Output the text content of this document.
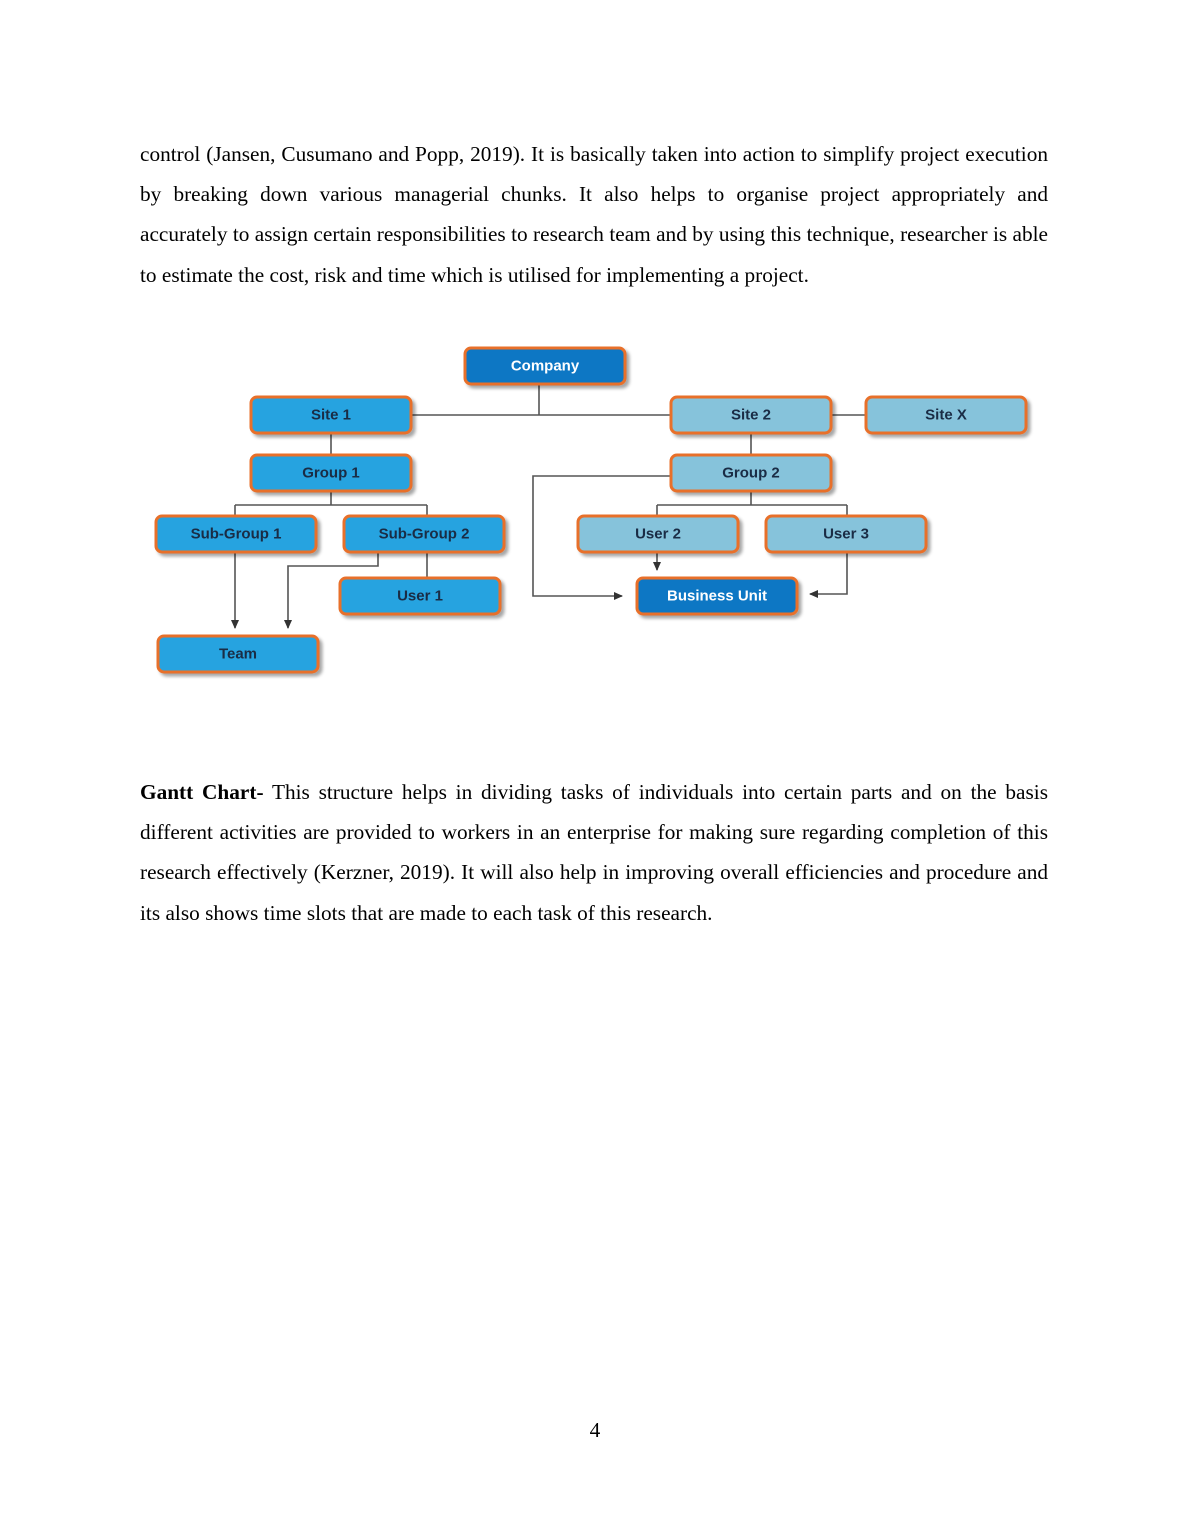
control (Jansen, Cusumano and Popp, 2019). It is basically taken into action to simplify project execution by breaking down various managerial chunks. It also helps to organise project appropriately and accurately to assign certain responsibilities to research team and by using this technique, researcher is able to estimate the cost, risk and time which is utilised for implementing a project.

Company
Site 1	Site 2	Site X
Group 1	Group 2
Sub-Group 1	Sub-Group 2	User 2	User 3
User 1	Business Unit
Team

Gantt Chart- This structure helps in dividing tasks of individuals into certain parts and on the basis different activities are provided to workers in an enterprise for making sure regarding completion of this research effectively (Kerzner, 2019). It will also help in improving overall efficiencies and procedure and its also shows time slots that are made to each task of this research.

4
